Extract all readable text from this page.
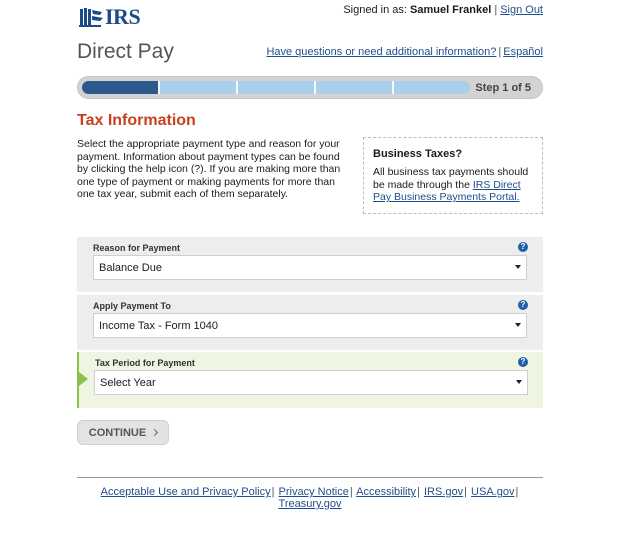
IRS	Signed in as: Samuel Frankel | Sign Out
Direct Pay	Have questions or need additional information? | Español
Step 1 of 5
Tax Information

Select the appropriate payment type and reason for your payment. Information about payment types can be found by clicking the help icon (?). If you are making more than one type of payment or making payments for more than one tax year, submit each of them separately.

Business Taxes?
All business tax payments should be made through the IRS Direct Pay Business Payments Portal.
Reason for Payment	?
Balance Due
Apply Payment To	?
Income Tax - Form 1040
Tax Period for Payment	?
Select Year
CONTINUE
Acceptable Use and Privacy Policy| Privacy Notice| Accessibility| IRS.gov| USA.gov| Treasury.gov
